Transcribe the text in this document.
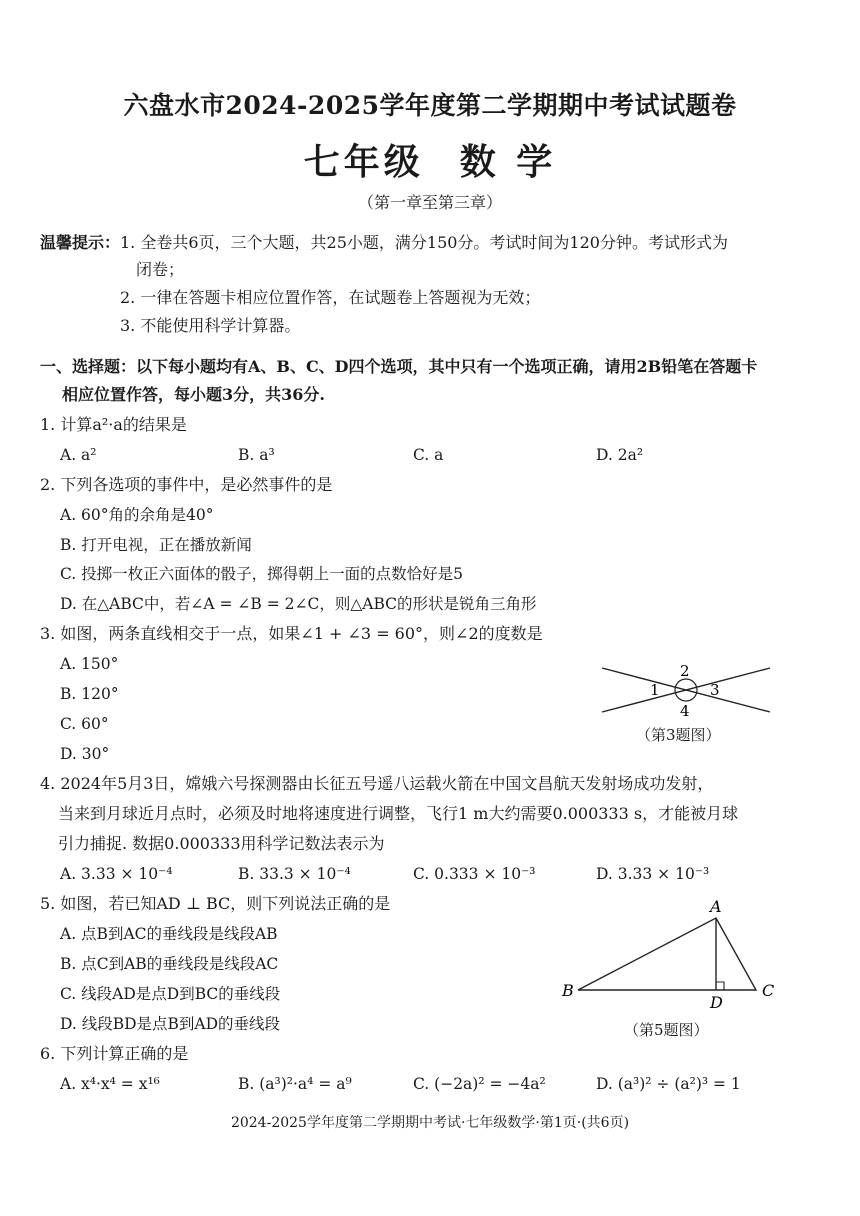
六盘水市2024-2025学年度第二学期期中考试试题卷
七年级 数 学
（第一章至第三章）
温馨提示： 1. 全卷共6页，三个大题，共25小题，满分150分。考试时间为120分钟。考试形式为
闭卷；
2. 一律在答题卡相应位置作答，在试题卷上答题视为无效；
3. 不能使用科学计算器。
一、选择题：以下每小题均有A、B、C、D四个选项，其中只有一个选项正确，请用2B铅笔在答题卡
相应位置作答，每小题3分，共36分.
1. 计算a²·a的结果是
A. a²	B. a³	C. a	D. 2a²
2. 下列各选项的事件中，是必然事件的是
A. 60°角的余角是40°
B. 打开电视，正在播放新闻
C. 投掷一枚正六面体的骰子，掷得朝上一面的点数恰好是5
D. 在△ABC中，若∠A = ∠B = 2∠C，则△ABC的形状是锐角三角形
3. 如图，两条直线相交于一点，如果∠1 + ∠3 = 60°，则∠2的度数是
A. 150°
B. 120°
C. 60°
D. 30°
2
1	3
4
（第3题图）
4. 2024年5月3日，嫦娥六号探测器由长征五号遥八运载火箭在中国文昌航天发射场成功发射，
当来到月球近月点时，必须及时地将速度进行调整，飞行1 m大约需要0.000333 s，才能被月球
引力捕捉. 数据0.000333用科学记数法表示为
A. 3.33 × 10⁻⁴	B. 33.3 × 10⁻⁴	C. 0.333 × 10⁻³	D. 3.33 × 10⁻³
5. 如图，若已知AD ⊥ BC，则下列说法正确的是
A. 点B到AC的垂线段是线段AB
B. 点C到AB的垂线段是线段AC
C. 线段AD是点D到BC的垂线段
D. 线段BD是点B到AD的垂线段
A
B	C
D
（第5题图）
6. 下列计算正确的是
A. x⁴·x⁴ = x¹⁶	B. (a³)²·a⁴ = a⁹	C. (−2a)² = −4a²	D. (a³)² ÷ (a²)³ = 1
2024-2025学年度第二学期期中考试·七年级数学·第1页·(共6页)
